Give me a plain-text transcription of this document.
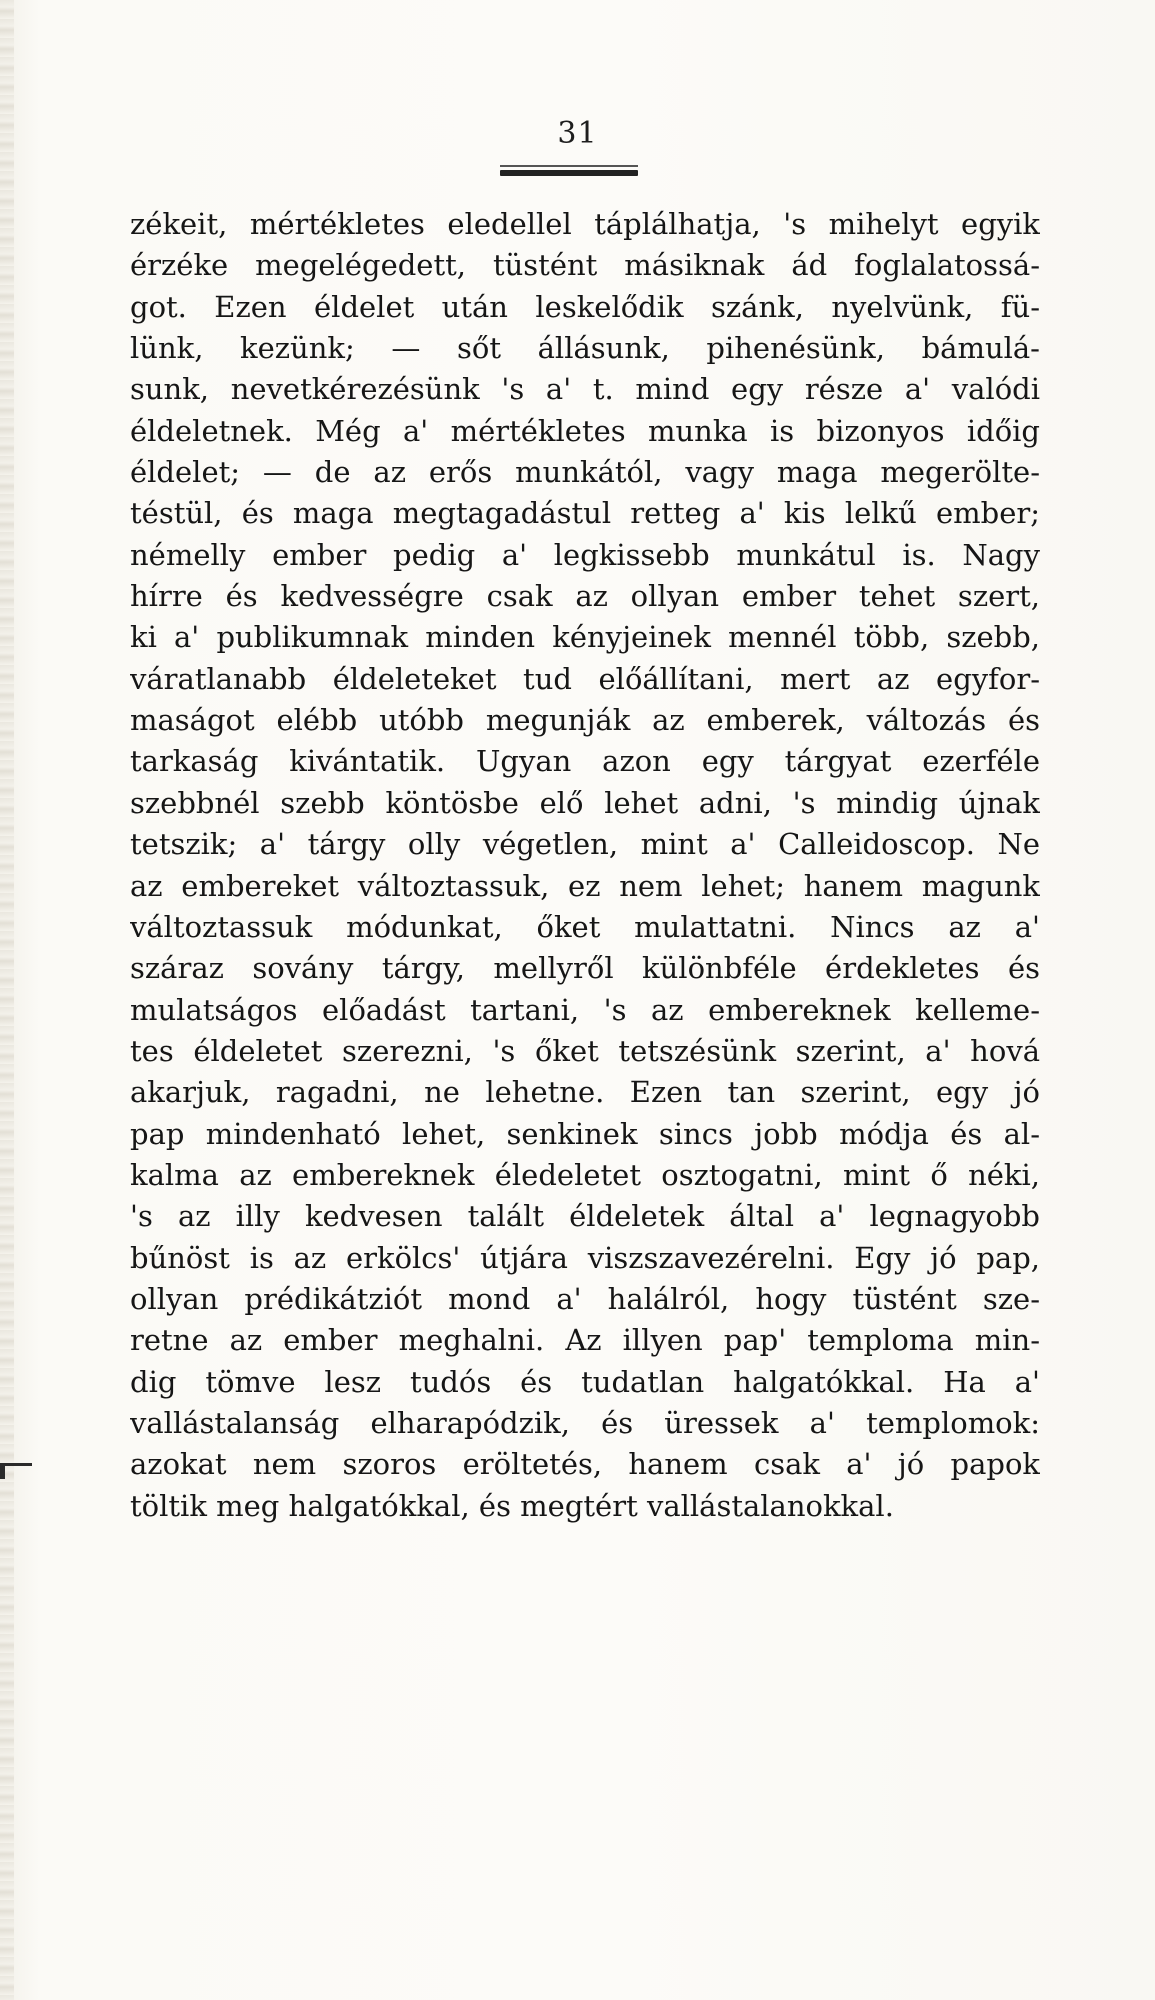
31
zékeit, mértékletes eledellel táplálhatja, 's mihelyt egyik
érzéke megelégedett, tüstént másiknak ád foglalatossá-
got. Ezen éldelet után leskelődik szánk, nyelvünk, fü-
lünk, kezünk; — sőt állásunk, pihenésünk, bámulá-
sunk, nevetkérezésünk 's a' t. mind egy része a' valódi
éldeletnek. Még a' mértékletes munka is bizonyos időig
éldelet; — de az erős munkától, vagy maga megerölte-
téstül, és maga megtagadástul retteg a' kis lelkű ember;
némelly ember pedig a' legkissebb munkátul is. Nagy
hírre és kedvességre csak az ollyan ember tehet szert,
ki a' publikumnak minden kényjeinek mennél több, szebb,
váratlanabb éldeleteket tud előállítani, mert az egyfor-
maságot elébb utóbb megunják az emberek, változás és
tarkaság kivántatik. Ugyan azon egy tárgyat ezerféle
szebbnél szebb köntösbe elő lehet adni, 's mindig újnak
tetszik; a' tárgy olly végetlen, mint a' Calleidoscop. Ne
az embereket változtassuk, ez nem lehet; hanem magunk
változtassuk módunkat, őket mulattatni. Nincs az a'
száraz sovány tárgy, mellyről különbféle érdekletes és
mulatságos előadást tartani, 's az embereknek kelleme-
tes éldeletet szerezni, 's őket tetszésünk szerint, a' hová
akarjuk, ragadni, ne lehetne. Ezen tan szerint, egy jó
pap mindenható lehet, senkinek sincs jobb módja és al-
kalma az embereknek éledeletet osztogatni, mint ő néki,
's az illy kedvesen talált éldeletek által a' legnagyobb
bűnöst is az erkölcs' útjára viszszavezérelni. Egy jó pap,
ollyan prédikátziót mond a' halálról, hogy tüstént sze-
retne az ember meghalni. Az illyen pap' temploma min-
dig tömve lesz tudós és tudatlan halgatókkal. Ha a'
vallástalanság elharapódzik, és üressek a' templomok:
azokat nem szoros eröltetés, hanem csak a' jó papok
töltik meg halgatókkal, és megtért vallástalanokkal.
